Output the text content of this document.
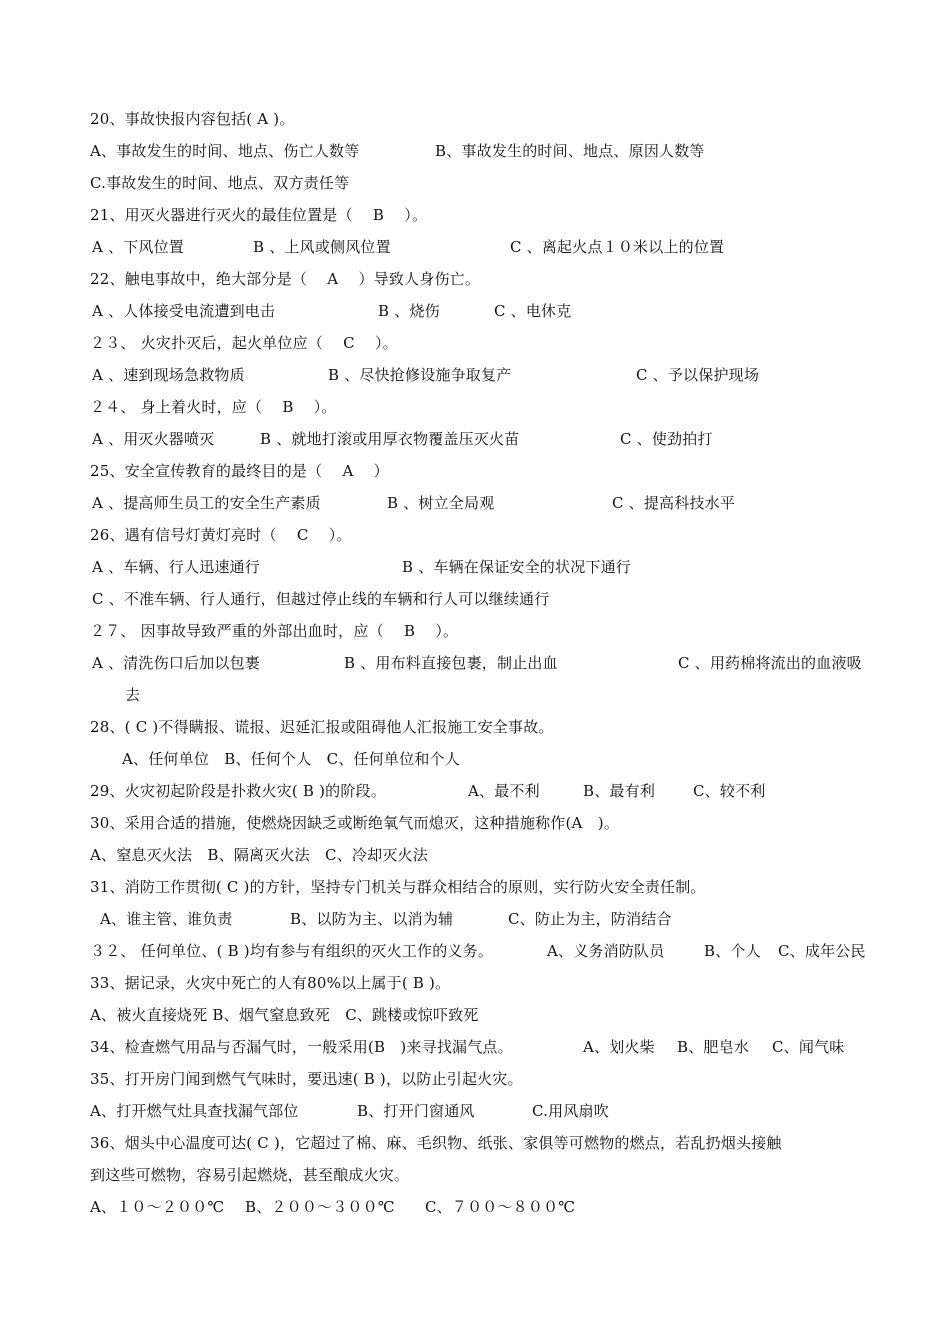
20、事故快报内容包括( A )。
A、事故发生的时间、地点、伤亡人数等	B、事故发生的时间、地点、原因人数等
C.事故发生的时间、地点、双方责任等
21、用灭火器进行灭火的最佳位置是（　 B　 ）。
A 、下风位置	B 、上风或侧风位置	C 、离起火点１０米以上的位置
22、触电事故中，绝大部分是（　 A　 ）导致人身伤亡。
A 、人体接受电流遭到电击	B 、烧伤	C 、电休克
２３、 火灾扑灭后，起火单位应（　 C　 ）。
A 、速到现场急救物质	B 、尽快抢修设施争取复产	C 、予以保护现场
２４、 身上着火时，应（　 B　 ）。
A 、用灭火器喷灭	B 、就地打滚或用厚衣物覆盖压灭火苗	C 、使劲拍打
25、安全宣传教育的最终目的是（　 A　 ）
A 、提高师生员工的安全生产素质	B 、树立全局观	C 、提高科技水平
26、遇有信号灯黄灯亮时（　 C　 ）。
A 、车辆、行人迅速通行	B 、车辆在保证安全的状况下通行
C 、不准车辆、行人通行，但越过停止线的车辆和行人可以继续通行
２７、 因事故导致严重的外部出血时，应（　 B　 ）。
A 、清洗伤口后加以包裹	B 、用布料直接包裹，制止出血	C 、用药棉将流出的血液吸
去
28、( C )不得瞒报、谎报、迟延汇报或阻碍他人汇报施工安全事故。
A、任何单位　B、任何个人　C、任何单位和个人
29、火灾初起阶段是扑救火灾( B )的阶段。	A、最不利	B、最有利	C、较不利
30、采用合适的措施，使燃烧因缺乏或断绝氧气而熄灭，这种措施称作(A　)。
A、窒息灭火法　B、隔离灭火法　C、冷却灭火法
31、消防工作贯彻( C )的方针，坚持专门机关与群众相结合的原则，实行防火安全责任制。
A、谁主管、谁负责	B、以防为主、以消为辅	C、防止为主，防消结合
３２、 任何单位、( B )均有参与有组织的灭火工作的义务。	A、义务消防队员	B、个人 C、成年公民
33、据记录，火灾中死亡的人有80%以上属于( B )。
A、被火直接烧死 B、烟气窒息致死　C、跳楼或惊吓致死
34、检查燃气用品与否漏气时，一般采用(B　)来寻找漏气点。	A、划火柴 B、肥皂水 C、闻气味
35、打开房门闻到燃气气味时，要迅速( B )，以防止引起火灾。
A、打开燃气灶具查找漏气部位	B、打开门窗通风	C.用风扇吹
36、烟头中心温度可达( C )，它超过了棉、麻、毛织物、纸张、家俱等可燃物的燃点，若乱扔烟头接触
到这些可燃物，容易引起燃烧，甚至酿成火灾。
A、１０～２００℃ B、２００～３００℃ C、７００～８００℃
